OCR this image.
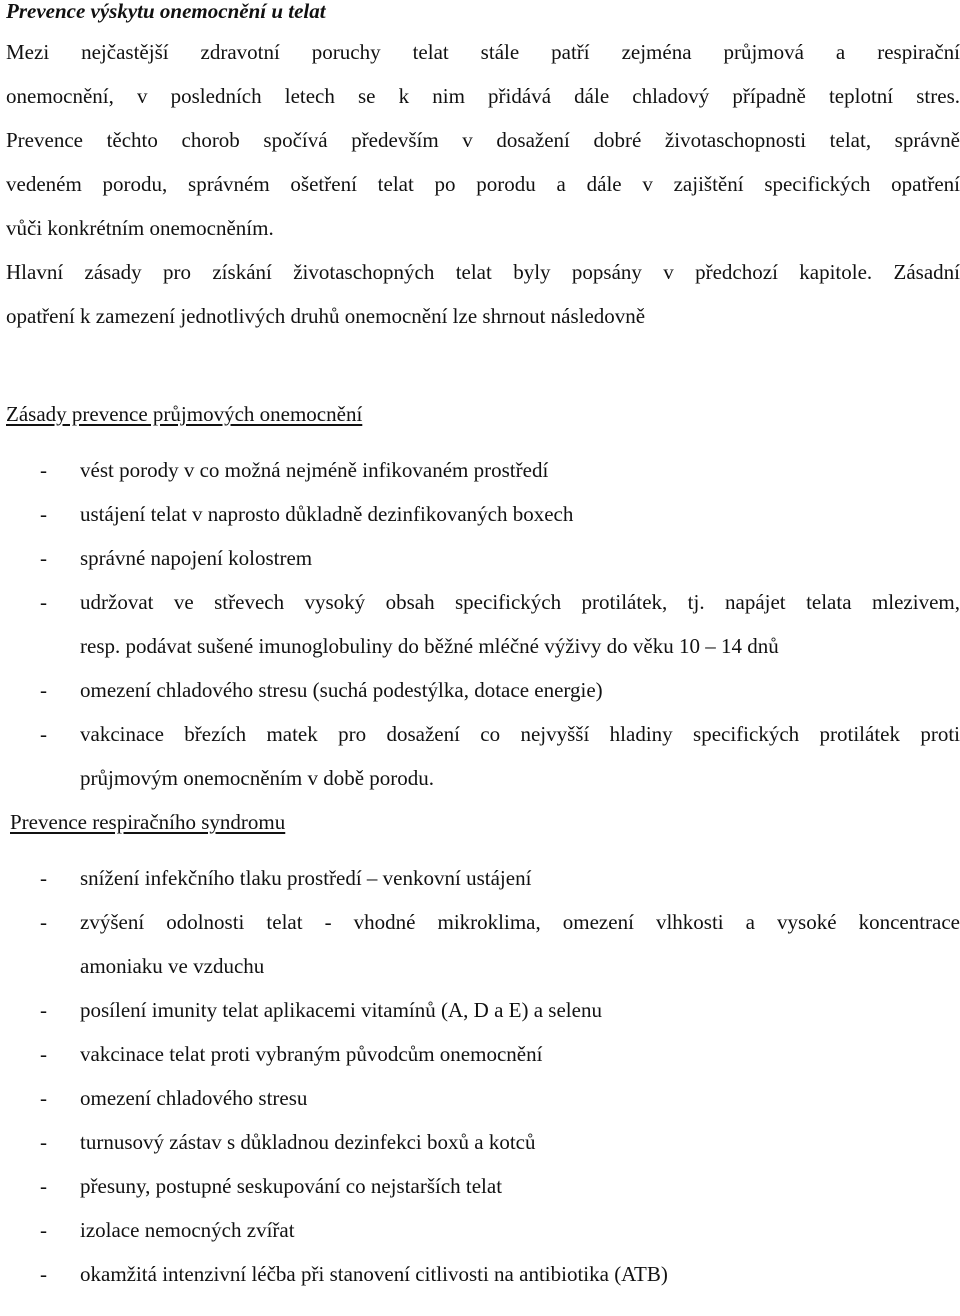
Prevence výskytu onemocnění u telat
Mezi nejčastější zdravotní poruchy telat stále patří zejména průjmová a respirační
onemocnění, v posledních letech se k nim přidává dále chladový případně teplotní stres.
Prevence těchto chorob spočívá především v dosažení dobré životaschopnosti telat, správně
vedeném porodu, správném ošetření telat po porodu a dále v zajištění specifických opatření
vůči konkrétním onemocněním.
Hlavní zásady pro získání životaschopných telat byly popsány v předchozí kapitole. Zásadní
opatření k zamezení jednotlivých druhů onemocnění lze shrnout následovně
Zásady prevence průjmových onemocnění
- vést porody v co možná nejméně infikovaném prostředí
- ustájení telat v naprosto důkladně dezinfikovaných boxech
- správné napojení kolostrem
- udržovat ve střevech vysoký obsah specifických protilátek, tj. napájet telata mlezivem,
resp. podávat sušené imunoglobuliny do běžné mléčné výživy do věku 10 – 14 dnů
- omezení chladového stresu (suchá podestýlka, dotace energie)
- vakcinace březích matek pro dosažení co nejvyšší hladiny specifických protilátek proti
průjmovým onemocněním v době porodu.
Prevence respiračního syndromu
- snížení infekčního tlaku prostředí – venkovní ustájení
- zvýšení odolnosti telat - vhodné mikroklima, omezení vlhkosti a vysoké koncentrace
amoniaku ve vzduchu
- posílení imunity telat aplikacemi vitamínů (A, D a E) a selenu
- vakcinace telat proti vybraným původcům onemocnění
- omezení chladového stresu
- turnusový zástav s důkladnou dezinfekci boxů a kotců
- přesuny, postupné seskupování co nejstarších telat
- izolace nemocných zvířat
- okamžitá intenzivní léčba při stanovení citlivosti na antibiotika (ATB)
